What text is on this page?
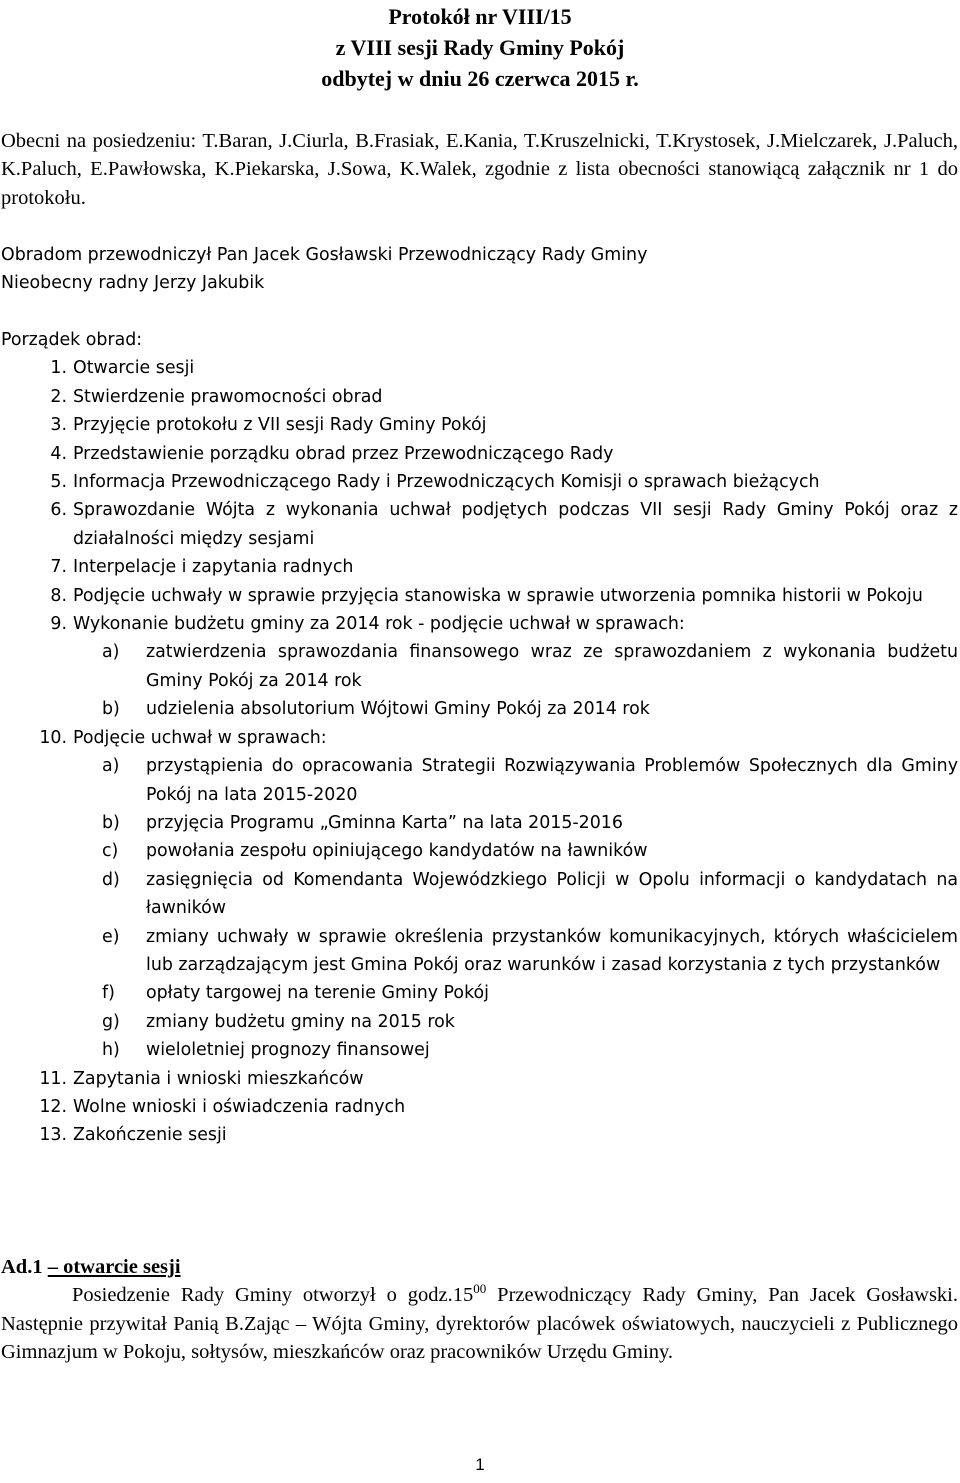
Protokół nr VIII/15
z VIII sesji Rady Gminy Pokój
odbytej w dniu 26 czerwca 2015 r.

Obecni na posiedzeniu: T.Baran, J.Ciurla, B.Frasiak, E.Kania, T.Kruszelnicki, T.Krystosek, J.Mielczarek, J.Paluch, K.Paluch, E.Pawłowska, K.Piekarska, J.Sowa, K.Walek, zgodnie z lista obecności stanowiącą załącznik nr 1 do protokołu.

Obradom przewodniczył Pan Jacek Gosławski Przewodniczący Rady Gminy

Nieobecny radny Jerzy Jakubik

Porządek obrad:

1. Otwarcie sesji
2. Stwierdzenie prawomocności obrad
3. Przyjęcie protokołu z VII sesji Rady Gminy Pokój
4. Przedstawienie porządku obrad przez Przewodniczącego Rady
5. Informacja Przewodniczącego Rady i Przewodniczących Komisji o sprawach bieżących
6. Sprawozdanie Wójta z wykonania uchwał podjętych podczas VII sesji Rady Gminy Pokój oraz z działalności między sesjami
7. Interpelacje i zapytania radnych
8. Podjęcie uchwały w sprawie przyjęcia stanowiska w sprawie utworzenia pomnika historii w Pokoju
9. Wykonanie budżetu gminy za 2014 rok - podjęcie uchwał w sprawach:
a)	zatwierdzenia sprawozdania finansowego wraz ze sprawozdaniem z wykonania budżetu Gminy Pokój za 2014 rok
b)	udzielenia absolutorium Wójtowi Gminy Pokój za 2014 rok
10. Podjęcie uchwał w sprawach:
a)	przystąpienia do opracowania Strategii Rozwiązywania Problemów Społecznych dla Gminy Pokój na lata 2015-2020
b)	przyjęcia Programu „Gminna Karta” na lata 2015-2016
c)	powołania zespołu opiniującego kandydatów na ławników
d)	zasięgnięcia od Komendanta Wojewódzkiego Policji w Opolu informacji o kandydatach na ławników
e)	zmiany uchwały w sprawie określenia przystanków komunikacyjnych, których właścicielem lub zarządzającym jest Gmina Pokój oraz warunków i zasad korzystania z tych przystanków
f)	opłaty targowej na terenie Gminy Pokój
g)	zmiany budżetu gminy na 2015 rok
h)	wieloletniej prognozy finansowej
11. Zapytania i wnioski mieszkańców
12. Wolne wnioski i oświadczenia radnych
13. Zakończenie sesji

Ad.1 – otwarcie sesji

Posiedzenie Rady Gminy otworzył o $godz.15^{00}$ Przewodniczący Rady Gminy, Pan Jacek Gosławski. Następnie przywitał Panią B.Zając – Wójta Gminy, dyrektorów placówek oświatowych, nauczycieli z Publicznego Gimnazjum w Pokoju, sołtysów, mieszkańców oraz pracowników Urzędu Gminy.

1
